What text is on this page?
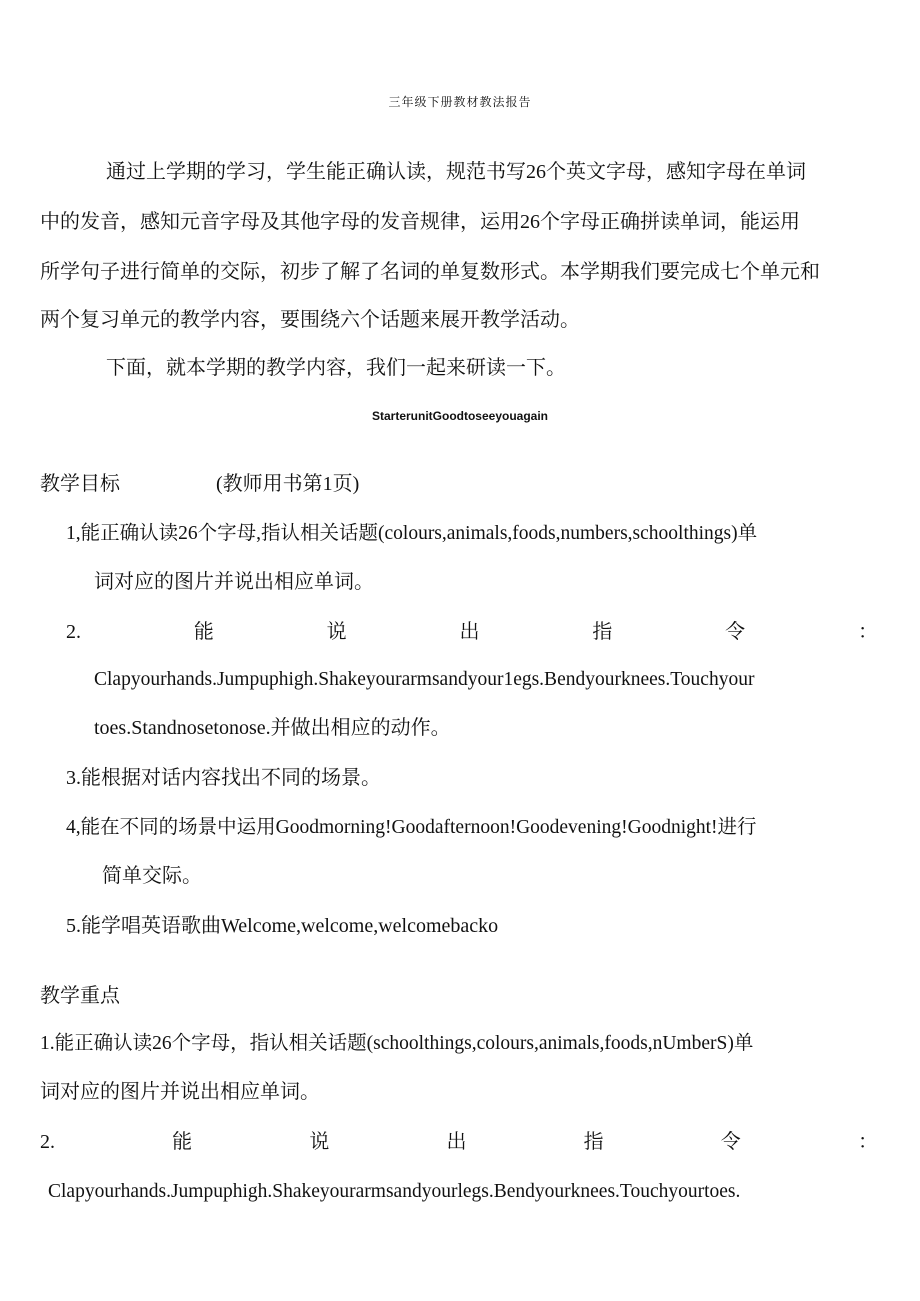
三年级下册教材教法报告
通过上学期的学习，学生能正确认读，规范书写26个英文字母，感知字母在单词
中的发音，感知元音字母及其他字母的发音规律，运用26个字母正确拼读单词，能运用
所学句子进行简单的交际，初步了解了名词的单复数形式。本学期我们要完成七个单元和
两个复习单元的教学内容，要围绕六个话题来展开教学活动。
下面，就本学期的教学内容，我们一起来研读一下。
StarterunitGoodtoseeyouagain
教学目标	(教师用书第1页)
1,能正确认读26个字母,指认相关话题(colours,animals,foods,numbers,schoolthings)单
词对应的图片并说出相应单词。
2.	能	说	出	指	令	：
Clapyourhands.Jumpuphigh.Shakeyourarmsandyour1egs.Bendyourknees.Touchyour
toes.Standnosetonose.并做出相应的动作。
3.能根据对话内容找出不同的场景。
4,能在不同的场景中运用Goodmorning!Goodafternoon!Goodevening!Goodnight!进行
简单交际。
5.能学唱英语歌曲Welcome,welcome,welcomebacko
教学重点
1.能正确认读26个字母，指认相关话题(schoolthings,colours,animals,foods,nUmberS)单
词对应的图片并说出相应单词。
2.	能	说	出	指	令	：
Clapyourhands.Jumpuphigh.Shakeyourarmsandyourlegs.Bendyourknees.Touchyourtoes.
